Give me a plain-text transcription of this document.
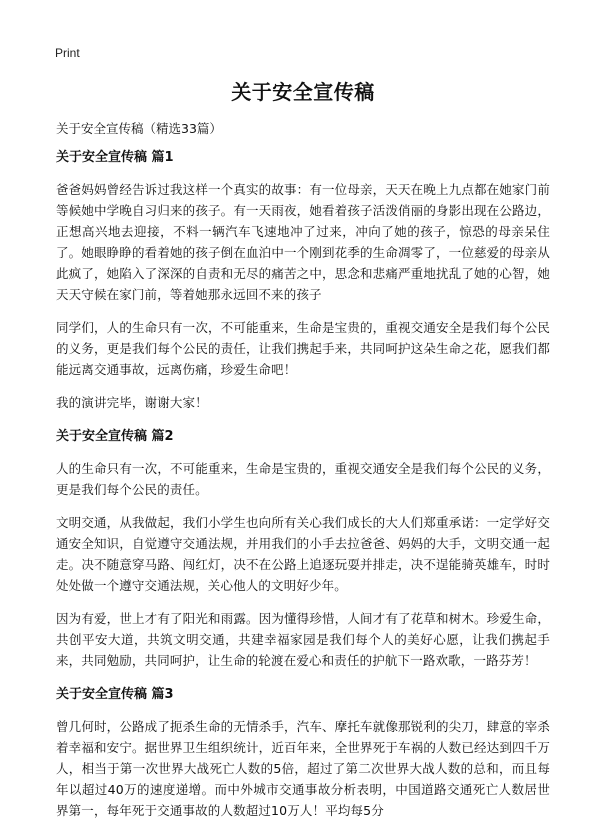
Print
关于安全宣传稿

关于安全宣传稿（精选33篇）

关于安全宣传稿 篇1

爸爸妈妈曾经告诉过我这样一个真实的故事：有一位母亲，天天在晚上九点都在她家门前等候她中学晚自习归来的孩子。有一天雨夜，她看着孩子活泼俏丽的身影出现在公路边，正想高兴地去迎接，不料一辆汽车飞速地冲了过来，冲向了她的孩子，惊恐的母亲呆住了。她眼睁睁的看着她的孩子倒在血泊中一个刚到花季的生命凋零了，一位慈爱的母亲从此疯了，她陷入了深深的自责和无尽的痛苦之中，思念和悲痛严重地扰乱了她的心智，她天天守候在家门前，等着她那永远回不来的孩子

同学们，人的生命只有一次，不可能重来，生命是宝贵的，重视交通安全是我们每个公民的义务，更是我们每个公民的责任，让我们携起手来，共同呵护这朵生命之花，愿我们都能远离交通事故，远离伤痛，珍爱生命吧！

我的演讲完毕，谢谢大家！

关于安全宣传稿 篇2

人的生命只有一次，不可能重来，生命是宝贵的，重视交通安全是我们每个公民的义务，更是我们每个公民的责任。

文明交通，从我做起，我们小学生也向所有关心我们成长的大人们郑重承诺：一定学好交通安全知识，自觉遵守交通法规，并用我们的小手去拉爸爸、妈妈的大手，文明交通一起走。决不随意穿马路、闯红灯，决不在公路上追逐玩耍并排走，决不逞能骑英雄车，时时处处做一个遵守交通法规，关心他人的文明好少年。

因为有爱，世上才有了阳光和雨露。因为懂得珍惜，人间才有了花草和树木。珍爱生命，共创平安大道，共筑文明交通，共建幸福家园是我们每个人的美好心愿，让我们携起手来，共同勉励，共同呵护，让生命的轮渡在爱心和责任的护航下一路欢歌，一路芬芳！

关于安全宣传稿 篇3

曾几何时，公路成了扼杀生命的无情杀手，汽车、摩托车就像那锐利的尖刀，肆意的宰杀着幸福和安宁。据世界卫生组织统计，近百年来，全世界死于车祸的人数已经达到四千万人，相当于第一次世界大战死亡人数的5倍，超过了第二次世界大战人数的总和，而且每年以超过40万的速度递增。而中外城市交通事故分析表明，中国道路交通死亡人数居世界第一，每年死于交通事故的人数超过10万人！平均每5分
